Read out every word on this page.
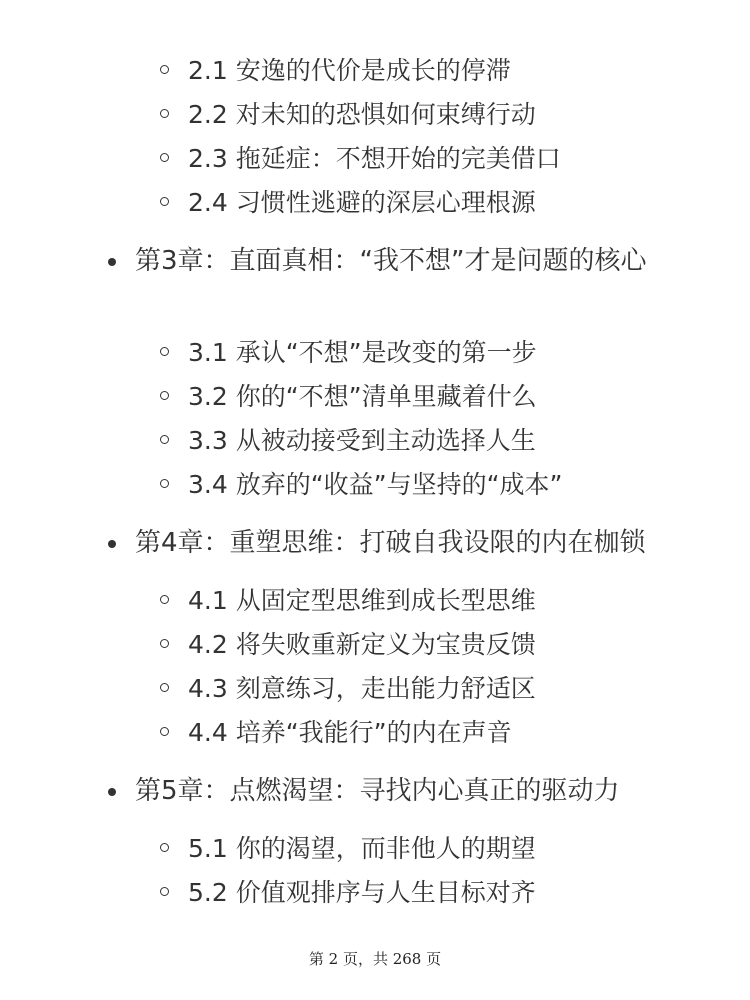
2.1 安逸的代价是成长的停滞
2.2 对未知的恐惧如何束缚行动
2.3 拖延症：不想开始的完美借口
2.4 习惯性逃避的深层心理根源
第3章：直面真相：“我不想”才是问题的核心
3.1 承认“不想”是改变的第一步
3.2 你的“不想”清单里藏着什么
3.3 从被动接受到主动选择人生
3.4 放弃的“收益”与坚持的“成本”
第4章：重塑思维：打破自我设限的内在枷锁
4.1 从固定型思维到成长型思维
4.2 将失败重新定义为宝贵反馈
4.3 刻意练习，走出能力舒适区
4.4 培养“我能行”的内在声音
第5章：点燃渴望：寻找内心真正的驱动力
5.1 你的渴望，而非他人的期望
5.2 价值观排序与人生目标对齐
第 2 页，共 268 页
